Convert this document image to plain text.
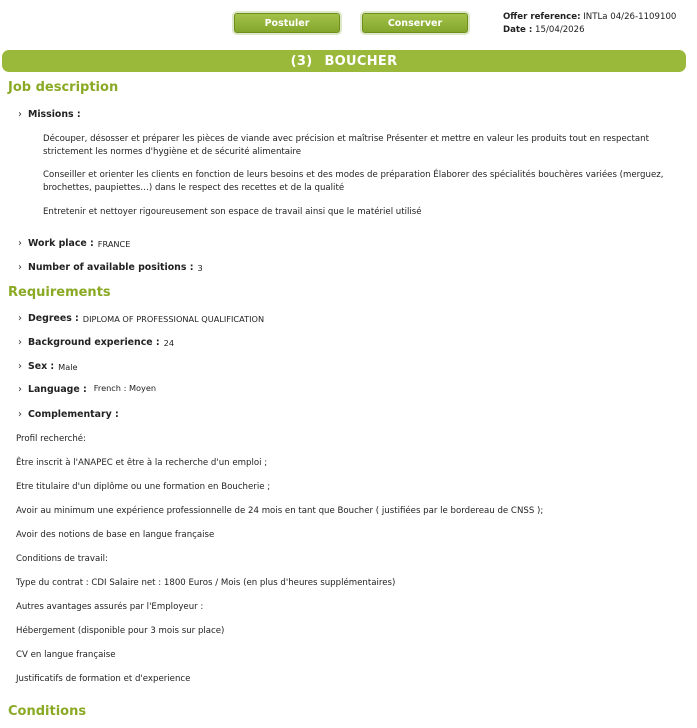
Postuler	Conserver
Offer reference: INTLa 04/26-1109100
Date : 15/04/2026
(3) BOUCHER
Job description
› Missions :
Découper, désosser et préparer les pièces de viande avec précision et maîtrise Présenter et mettre en valeur les produits tout en respectant strictement les normes d'hygiène et de sécurité alimentaire
Conseiller et orienter les clients en fonction de leurs besoins et des modes de préparation Élaborer des spécialités bouchères variées (merguez, brochettes, paupiettes…) dans le respect des recettes et de la qualité
Entretenir et nettoyer rigoureusement son espace de travail ainsi que le matériel utilisé
› Work place : FRANCE
› Number of available positions : 3
Requirements
› Degrees : DIPLOMA OF PROFESSIONAL QUALIFICATION
› Background experience : 24
› Sex : Male
› Language : French : Moyen
› Complementary :
Profil recherché:
Être inscrit à l'ANAPEC et être à la recherche d'un emploi ;
Etre titulaire d'un diplôme ou une formation en Boucherie ;
Avoir au minimum une expérience professionnelle de 24 mois en tant que Boucher ( justifiées par le bordereau de CNSS );
Avoir des notions de base en langue française
Conditions de travail:
Type du contrat : CDI Salaire net : 1800 Euros / Mois (en plus d'heures supplémentaires)
Autres avantages assurés par l'Employeur :
Hébergement (disponible pour 3 mois sur place)
CV en langue française
Justificatifs de formation et d'experience
Conditions
